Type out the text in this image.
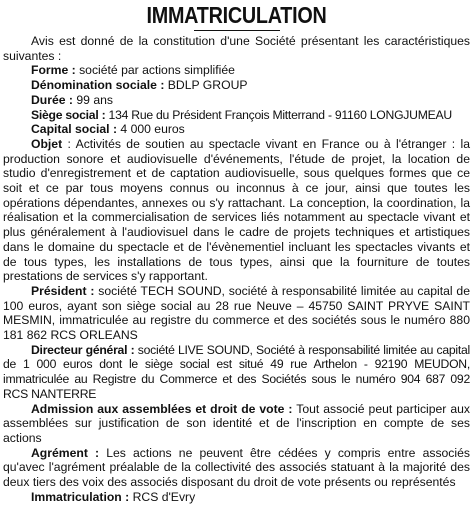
IMMATRICULATION

Avis est donné de la constitution d'une Société présentant les caractéristiques suivantes :

Forme : société par actions simplifiée

Dénomination sociale : BDLP GROUP

Durée : 99 ans

Siège social : 134 Rue du Président François Mitterrand - 91160 LONGJUMEAU

Capital social : 4 000 euros

Objet : Activités de soutien au spectacle vivant en France ou à l'étranger : la production sonore et audiovisuelle d'événements, l'étude de projet, la location de studio d'enregistrement et de captation audiovisuelle, sous quelques formes que ce soit et ce par tous moyens connus ou inconnus à ce jour, ainsi que toutes les opérations dépendantes, annexes ou s'y rattachant. La conception, la coordination, la réalisation et la commercialisation de services liés notamment au spectacle vivant et plus généralement à l'audiovisuel dans le cadre de projets techniques et artistiques dans le domaine du spectacle et de l'évènementiel incluant les spectacles vivants et de tous types, les installations de tous types, ainsi que la fourniture de toutes prestations de services s'y rapportant.

Président : société TECH SOUND, société à responsabilité limitée au capital de 100 euros, ayant son siège social au 28 rue Neuve – 45750 SAINT PRYVE SAINT MESMIN, immatriculée au registre du commerce et des sociétés sous le numéro 880 181 862 RCS ORLEANS

Directeur général : société LIVE SOUND, Société à responsabilité limitée au capital de 1 000 euros dont le siège social est situé 49 rue Arthelon - 92190 MEUDON, immatriculée au Registre du Commerce et des Sociétés sous le numéro 904 687 092 RCS NANTERRE

Admission aux assemblées et droit de vote : Tout associé peut participer aux assemblées sur justification de son identité et de l'inscription en compte de ses actions

Agrément : Les actions ne peuvent être cédées y compris entre associés qu'avec l'agrément préalable de la collectivité des associés statuant à la majorité des deux tiers des voix des associés disposant du droit de vote présents ou représentés

Immatriculation : RCS d'Evry
